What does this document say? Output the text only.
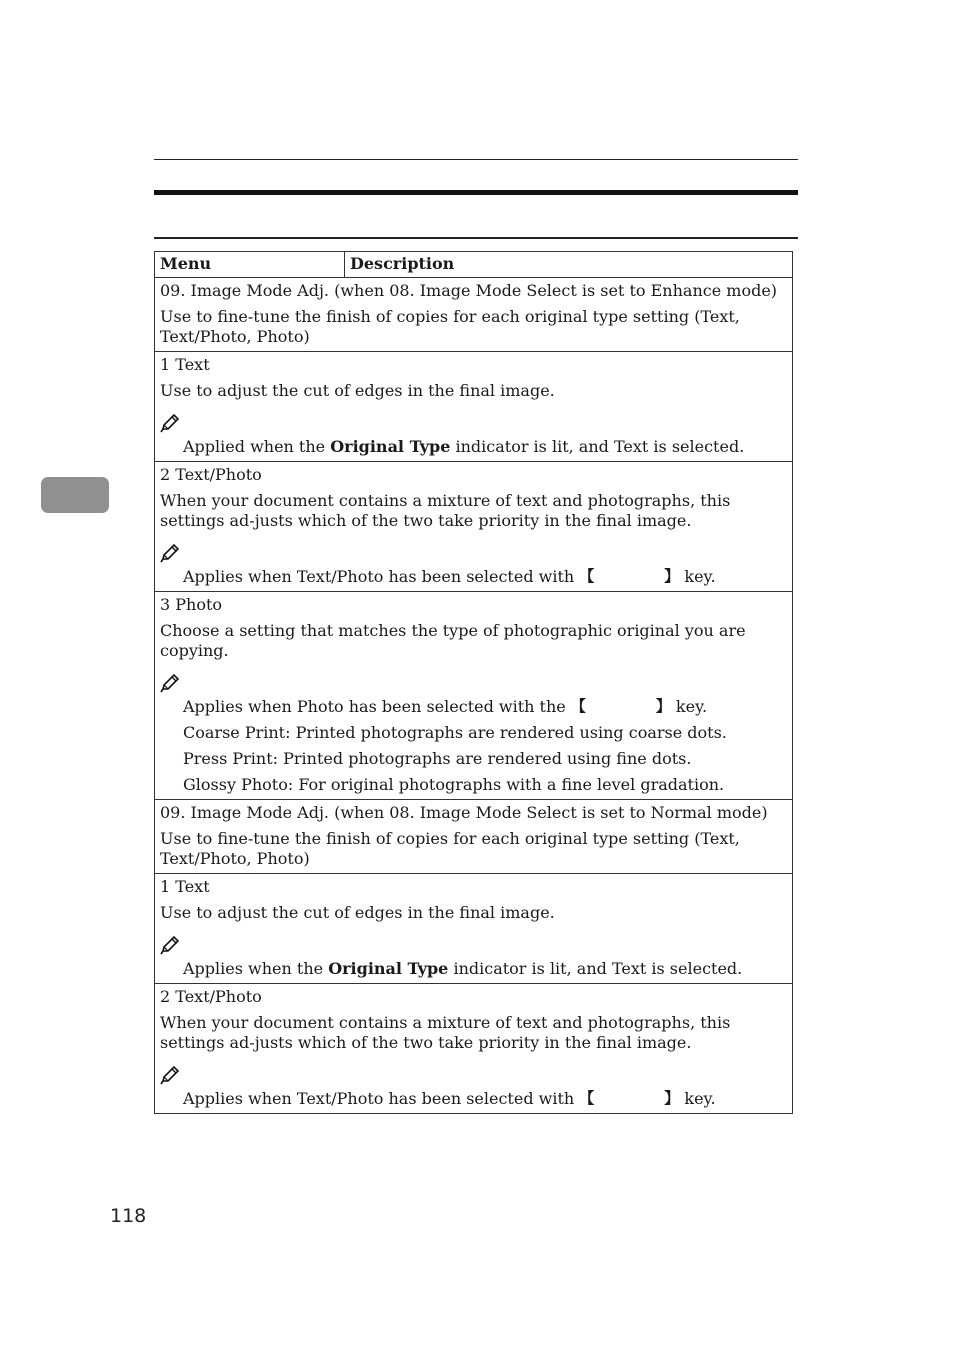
Menu	Description

09. Image Mode Adj. (when 08. Image Mode Select is set to Enhance mode)

Use to fine-tune the finish of copies for each original type setting (Text, Text/Photo, Photo)

1 Text

Use to adjust the cut of edges in the final image.

Applied when the Original Type indicator is lit, and Text is selected.

2 Text/Photo

When your document contains a mixture of text and photographs, this settings ad-justs which of the two take priority in the final image.

Applies when Text/Photo has been selected with 【	】 key.

3 Photo

Choose a setting that matches the type of photographic original you are copying.

Applies when Photo has been selected with the 【	】 key.

Coarse Print: Printed photographs are rendered using coarse dots.

Press Print: Printed photographs are rendered using fine dots.

Glossy Photo: For original photographs with a fine level gradation.

09. Image Mode Adj. (when 08. Image Mode Select is set to Normal mode)

Use to fine-tune the finish of copies for each original type setting (Text, Text/Photo, Photo)

1 Text

Use to adjust the cut of edges in the final image.

Applies when the Original Type indicator is lit, and Text is selected.

2 Text/Photo

When your document contains a mixture of text and photographs, this settings ad-justs which of the two take priority in the final image.

Applies when Text/Photo has been selected with 【	】 key.

118
